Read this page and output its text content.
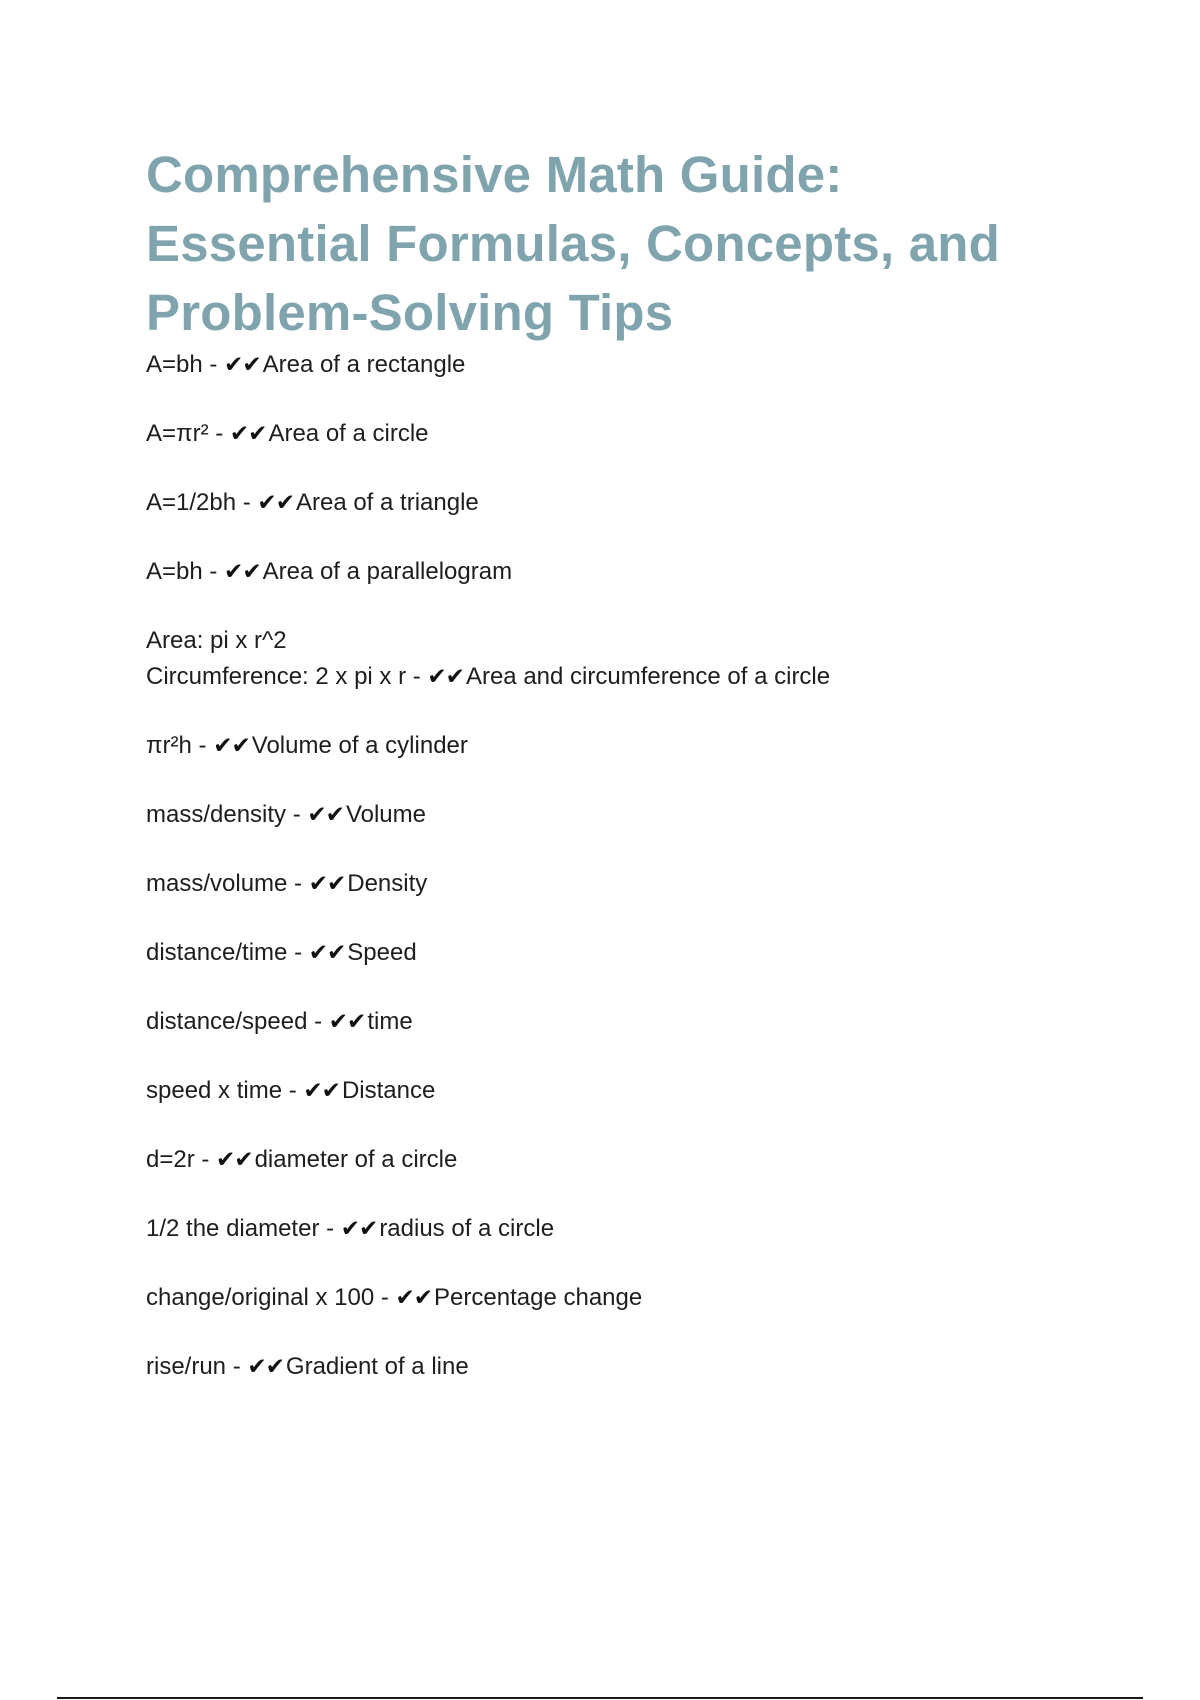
Comprehensive Math Guide:
Essential Formulas, Concepts, and
Problem-Solving Tips
A=bh - ✔✔Area of a rectangle
A=πr² - ✔✔Area of a circle
A=1/2bh - ✔✔Area of a triangle
A=bh - ✔✔Area of a parallelogram
Area: pi x r^2
Circumference: 2 x pi x r - ✔✔Area and circumference of a circle
πr²h - ✔✔Volume of a cylinder
mass/density - ✔✔Volume
mass/volume - ✔✔Density
distance/time - ✔✔Speed
distance/speed - ✔✔time
speed x time - ✔✔Distance
d=2r - ✔✔diameter of a circle
1/2 the diameter - ✔✔radius of a circle
change/original x 100 - ✔✔Percentage change
rise/run - ✔✔Gradient of a line
